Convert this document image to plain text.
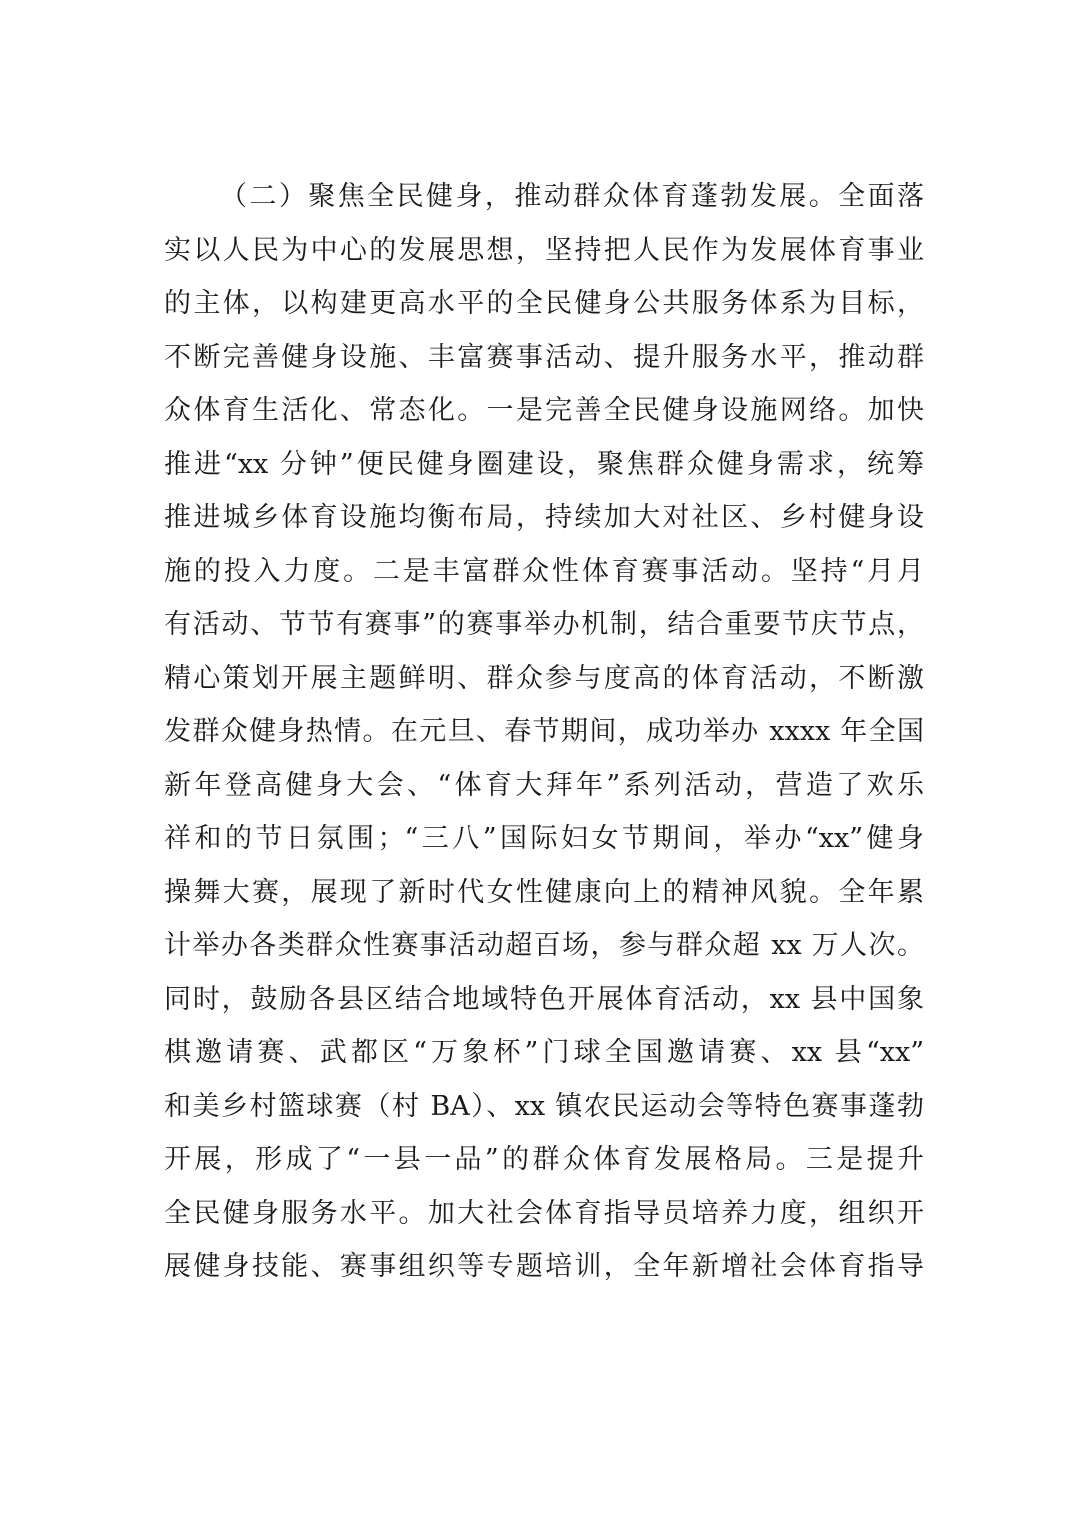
（二）聚焦全民健身，推动群众体育蓬勃发展。全面落
实以人民为中心的发展思想，坚持把人民作为发展体育事业
的主体，以构建更高水平的全民健身公共服务体系为目标，
不断完善健身设施、丰富赛事活动、提升服务水平，推动群
众体育生活化、常态化。一是完善全民健身设施网络。加快
推进“xx 分钟”便民健身圈建设，聚焦群众健身需求，统筹
推进城乡体育设施均衡布局，持续加大对社区、乡村健身设
施的投入力度。二是丰富群众性体育赛事活动。坚持“月月
有活动、节节有赛事”的赛事举办机制，结合重要节庆节点，
精心策划开展主题鲜明、群众参与度高的体育活动，不断激
发群众健身热情。在元旦、春节期间，成功举办 xxxx 年全国
新年登高健身大会、“体育大拜年”系列活动，营造了欢乐
祥和的节日氛围；“三八”国际妇女节期间，举办“xx”健身
操舞大赛，展现了新时代女性健康向上的精神风貌。全年累
计举办各类群众性赛事活动超百场，参与群众超 xx 万人次。
同时，鼓励各县区结合地域特色开展体育活动，xx 县中国象
棋邀请赛、武都区“万象杯”门球全国邀请赛、xx 县“xx”
和美乡村篮球赛（村 BA）、xx 镇农民运动会等特色赛事蓬勃
开展，形成了“一县一品”的群众体育发展格局。三是提升
全民健身服务水平。加大社会体育指导员培养力度，组织开
展健身技能、赛事组织等专题培训，全年新增社会体育指导
